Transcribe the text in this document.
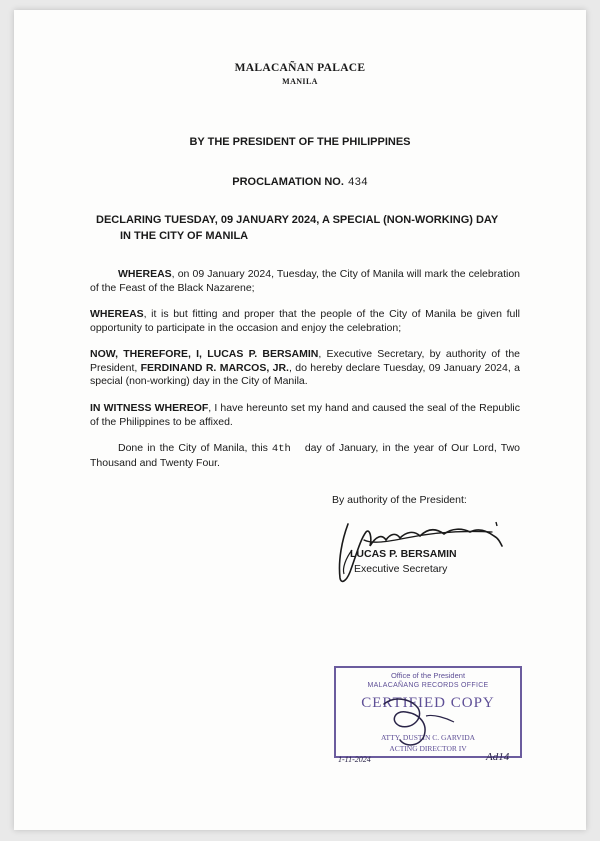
MALACAÑAN PALACE
MANILA
BY THE PRESIDENT OF THE PHILIPPINES
PROCLAMATION NO. 434
DECLARING TUESDAY, 09 JANUARY 2024, A SPECIAL (NON-WORKING) DAY
IN THE CITY OF MANILA
WHEREAS, on 09 January 2024, Tuesday, the City of Manila will mark the celebration of the Feast of the Black Nazarene;
WHEREAS, it is but fitting and proper that the people of the City of Manila be given full opportunity to participate in the occasion and enjoy the celebration;
NOW, THEREFORE, I, LUCAS P. BERSAMIN, Executive Secretary, by authority of the President, FERDINAND R. MARCOS, JR., do hereby declare Tuesday, 09 January 2024, a special (non-working) day in the City of Manila.
IN WITNESS WHEREOF, I have hereunto set my hand and caused the seal of the Republic of the Philippines to be affixed.
Done in the City of Manila, this 4th day of January, in the year of Our Lord, Two Thousand and Twenty Four.
By authority of the President:
LUCAS P. BERSAMIN
Executive Secretary
Office of the President
MALACAÑANG RECORDS OFFICE
CERTIFIED COPY
ATTY. DUSTIN C. GARVIDA
ACTING DIRECTOR IV
1-11-2024	Ad14
